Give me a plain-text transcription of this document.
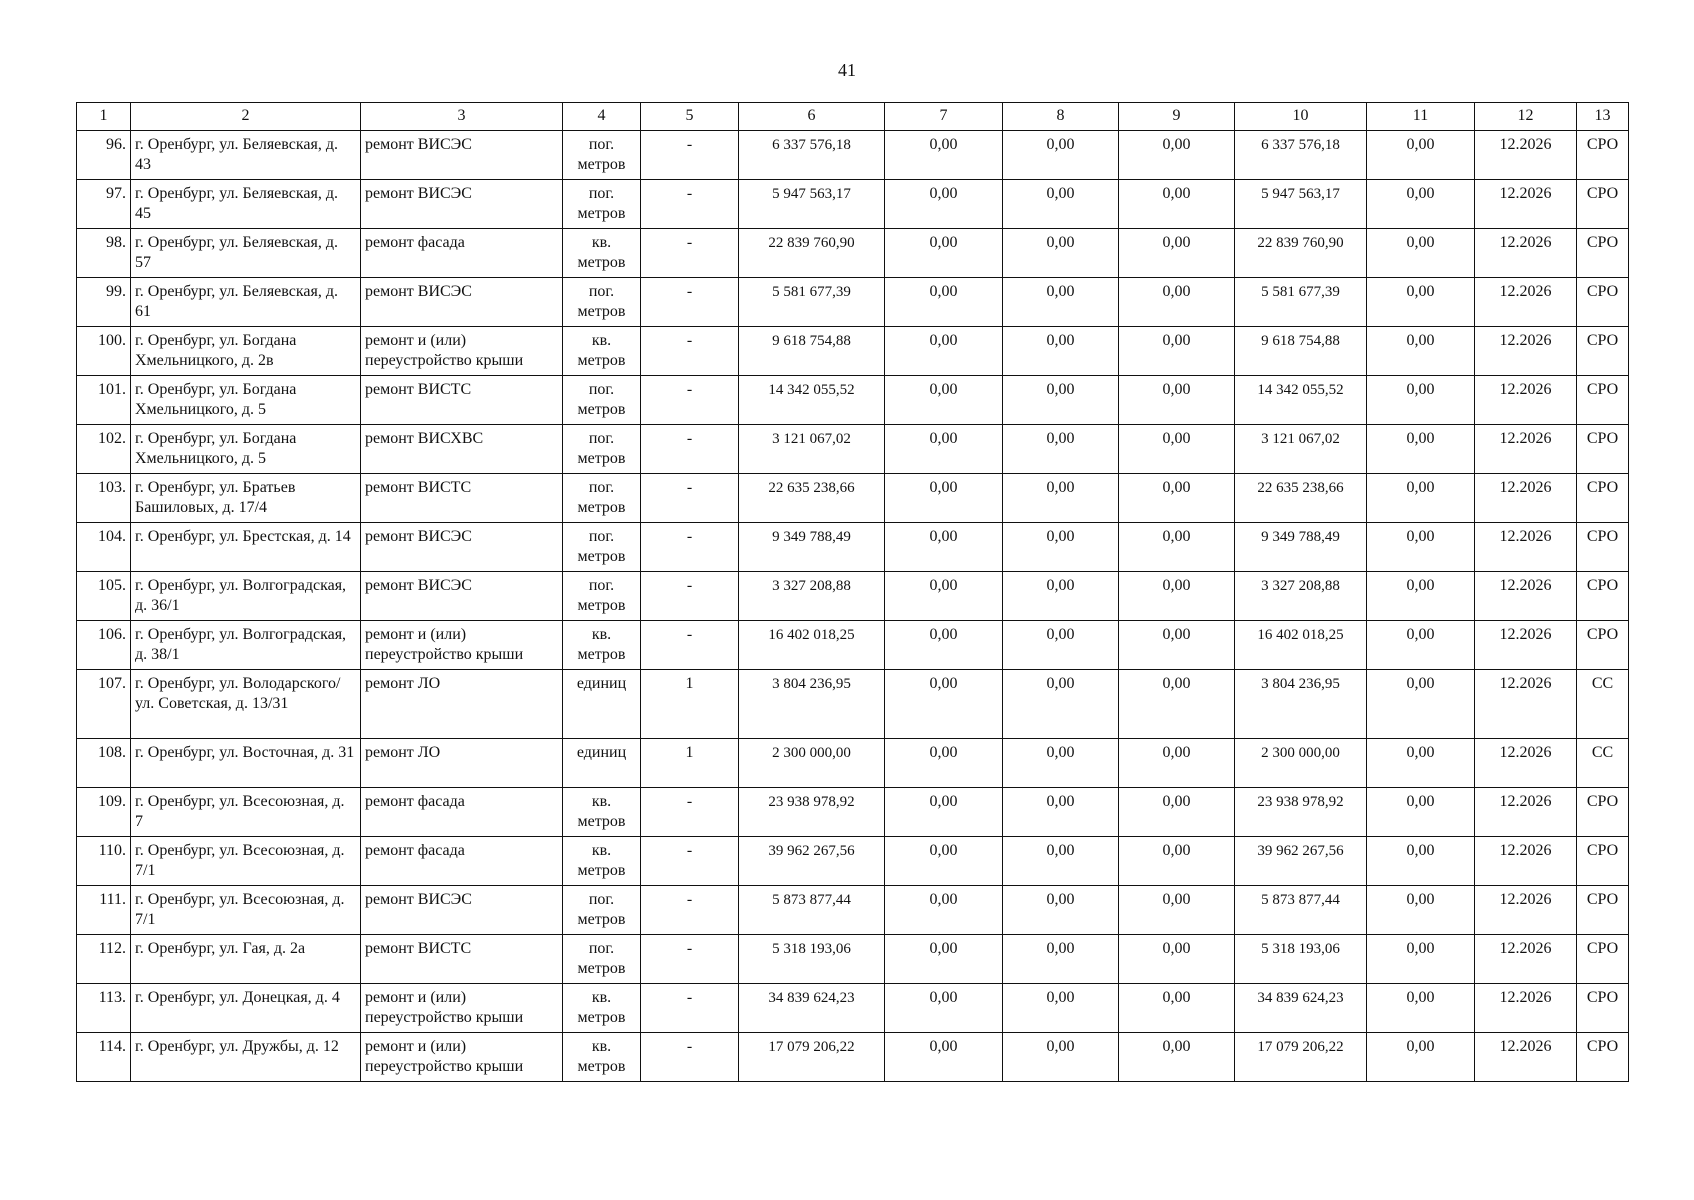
41
1	2	3	4	5	6	7	8	9	10	11	12	13
96.	г. Оренбург, ул. Беляевская, д. 43	ремонт ВИСЭС	пог. метров	-	6 337 576,18	0,00	0,00	0,00	6 337 576,18	0,00	12.2026	СРО
97.	г. Оренбург, ул. Беляевская, д. 45	ремонт ВИСЭС	пог. метров	-	5 947 563,17	0,00	0,00	0,00	5 947 563,17	0,00	12.2026	СРО
98.	г. Оренбург, ул. Беляевская, д. 57	ремонт фасада	кв. метров	-	22 839 760,90	0,00	0,00	0,00	22 839 760,90	0,00	12.2026	СРО
99.	г. Оренбург, ул. Беляевская, д. 61	ремонт ВИСЭС	пог. метров	-	5 581 677,39	0,00	0,00	0,00	5 581 677,39	0,00	12.2026	СРО
100.	г. Оренбург, ул. Богдана Хмельницкого, д. 2в	ремонт и (или) переустройство крыши	кв. метров	-	9 618 754,88	0,00	0,00	0,00	9 618 754,88	0,00	12.2026	СРО
101.	г. Оренбург, ул. Богдана Хмельницкого, д. 5	ремонт ВИСТС	пог. метров	-	14 342 055,52	0,00	0,00	0,00	14 342 055,52	0,00	12.2026	СРО
102.	г. Оренбург, ул. Богдана Хмельницкого, д. 5	ремонт ВИСХВС	пог. метров	-	3 121 067,02	0,00	0,00	0,00	3 121 067,02	0,00	12.2026	СРО
103.	г. Оренбург, ул. Братьев Башиловых, д. 17/4	ремонт ВИСТС	пог. метров	-	22 635 238,66	0,00	0,00	0,00	22 635 238,66	0,00	12.2026	СРО
104.	г. Оренбург, ул. Брестская, д. 14	ремонт ВИСЭС	пог. метров	-	9 349 788,49	0,00	0,00	0,00	9 349 788,49	0,00	12.2026	СРО
105.	г. Оренбург, ул. Волгоградская, д. 36/1	ремонт ВИСЭС	пог. метров	-	3 327 208,88	0,00	0,00	0,00	3 327 208,88	0,00	12.2026	СРО
106.	г. Оренбург, ул. Волгоградская, д. 38/1	ремонт и (или) переустройство крыши	кв. метров	-	16 402 018,25	0,00	0,00	0,00	16 402 018,25	0,00	12.2026	СРО
107.	г. Оренбург, ул. Володарского/ ул. Советская, д. 13/31	ремонт ЛО	единиц	1	3 804 236,95	0,00	0,00	0,00	3 804 236,95	0,00	12.2026	СС
108.	г. Оренбург, ул. Восточная, д. 31	ремонт ЛО	единиц	1	2 300 000,00	0,00	0,00	0,00	2 300 000,00	0,00	12.2026	СС
109.	г. Оренбург, ул. Всесоюзная, д. 7	ремонт фасада	кв. метров	-	23 938 978,92	0,00	0,00	0,00	23 938 978,92	0,00	12.2026	СРО
110.	г. Оренбург, ул. Всесоюзная, д. 7/1	ремонт фасада	кв. метров	-	39 962 267,56	0,00	0,00	0,00	39 962 267,56	0,00	12.2026	СРО
111.	г. Оренбург, ул. Всесоюзная, д. 7/1	ремонт ВИСЭС	пог. метров	-	5 873 877,44	0,00	0,00	0,00	5 873 877,44	0,00	12.2026	СРО
112.	г. Оренбург, ул. Гая, д. 2а	ремонт ВИСТС	пог. метров	-	5 318 193,06	0,00	0,00	0,00	5 318 193,06	0,00	12.2026	СРО
113.	г. Оренбург, ул. Донецкая, д. 4	ремонт и (или) переустройство крыши	кв. метров	-	34 839 624,23	0,00	0,00	0,00	34 839 624,23	0,00	12.2026	СРО
114.	г. Оренбург, ул. Дружбы, д. 12	ремонт и (или) переустройство крыши	кв. метров	-	17 079 206,22	0,00	0,00	0,00	17 079 206,22	0,00	12.2026	СРО
